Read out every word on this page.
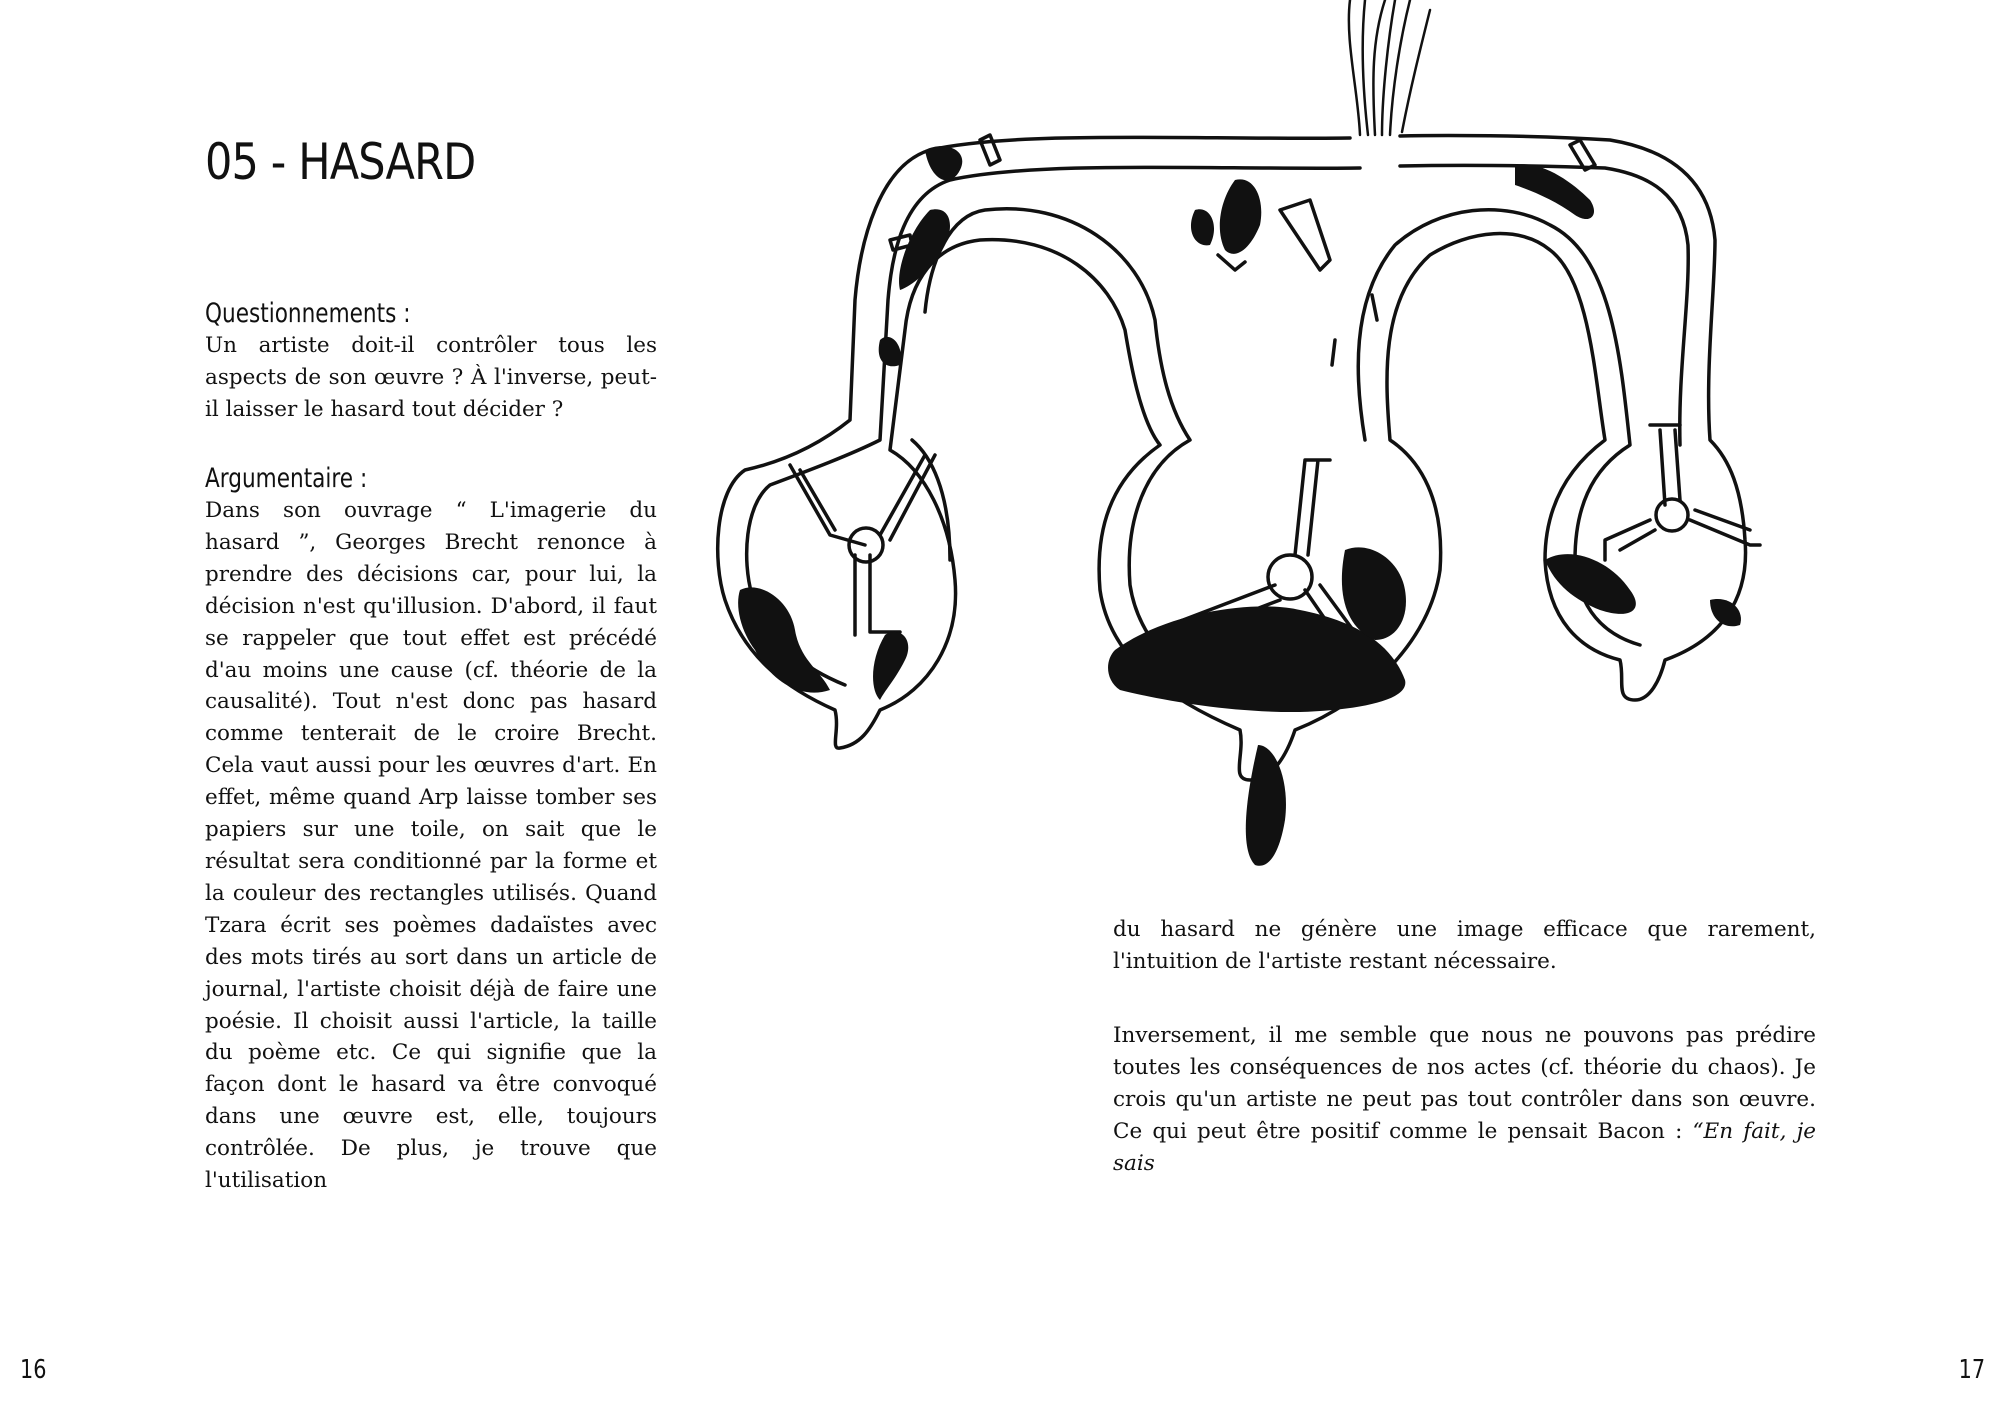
05 - HASARD
Questionnements :

Un artiste doit-il contrôler tous les aspects de son œuvre ? À l'inverse, peut-il laisser le hasard tout décider ?

Argumentaire :

Dans son ouvrage “ L'imagerie du hasard ”, Georges Brecht renonce à prendre des décisions car, pour lui, la décision n'est qu'illusion. D'abord, il faut se rappeler que tout effet est précédé d'au moins une cause (cf. théorie de la causalité). Tout n'est donc pas hasard comme tenterait de le croire Brecht. Cela vaut aussi pour les œuvres d'art. En effet, même quand Arp laisse tomber ses papiers sur une toile, on sait que le résultat sera conditionné par la forme et la couleur des rectangles utilisés. Quand Tzara écrit ses poèmes dadaïstes avec des mots tirés au sort dans un article de journal, l'artiste choisit déjà de faire une poésie. Il choisit aussi l'article, la taille du poème etc. Ce qui signifie que la façon dont le hasard va être convoqué dans une œuvre est, elle, toujours contrôlée. De plus, je trouve que l'utilisation

16

du hasard ne génère une image efficace que rarement, l'intuition de l'artiste restant nécessaire.

Inversement, il me semble que nous ne pouvons pas prédire toutes les conséquences de nos actes (cf. théorie du chaos). Je crois qu'un artiste ne peut pas tout contrôler dans son œuvre. Ce qui peut être positif comme le pensait Bacon : “En fait, je sais

17
